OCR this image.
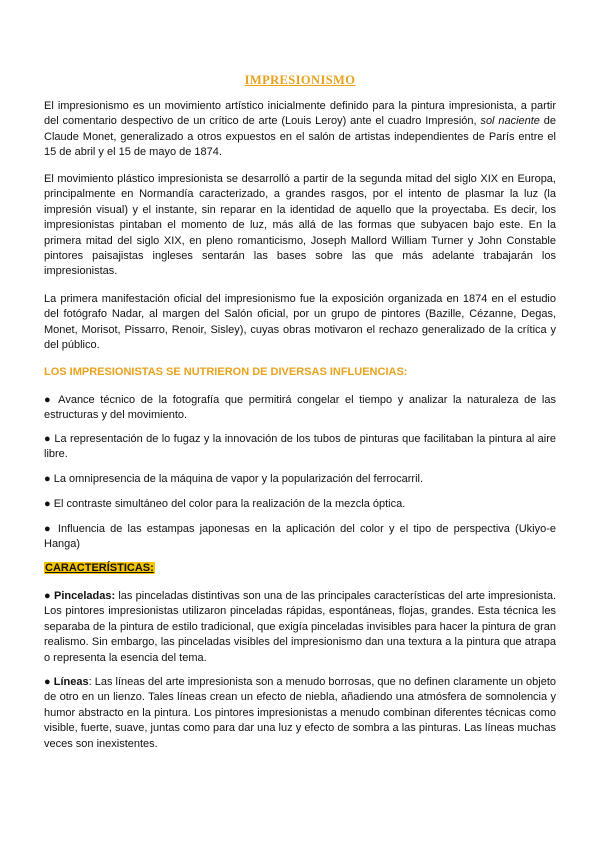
IMPRESIONISMO

El impresionismo es un movimiento artístico inicialmente definido para la pintura impresionista, a partir del comentario despectivo de un crítico de arte (Louis Leroy) ante el cuadro Impresión, sol naciente de Claude Monet, generalizado a otros expuestos en el salón de artistas independientes de París entre el 15 de abril y el 15 de mayo de 1874.

El movimiento plástico impresionista se desarrolló a partir de la segunda mitad del siglo XIX en Europa, principalmente en Normandía caracterizado, a grandes rasgos, por el intento de plasmar la luz (la impresión visual) y el instante, sin reparar en la identidad de aquello que la proyectaba. Es decir, los impresionistas pintaban el momento de luz, más allá de las formas que subyacen bajo este. En la primera mitad del siglo XIX, en pleno romanticismo, Joseph Mallord William Turner y John Constable pintores paisajistas ingleses sentarán las bases sobre las que más adelante trabajarán los impresionistas.

La primera manifestación oficial del impresionismo fue la exposición organizada en 1874 en el estudio del fotógrafo Nadar, al margen del Salón oficial, por un grupo de pintores (Bazille, Cézanne, Degas, Monet, Morisot, Pissarro, Renoir, Sisley), cuyas obras motivaron el rechazo generalizado de la crítica y del público.

LOS IMPRESIONISTAS SE NUTRIERON DE DIVERSAS INFLUENCIAS:

● Avance técnico de la fotografía que permitirá congelar el tiempo y analizar la naturaleza de las estructuras y del movimiento.

● La representación de lo fugaz y la innovación de los tubos de pinturas que facilitaban la pintura al aire libre.

● La omnipresencia de la máquina de vapor y la popularización del ferrocarril.

● El contraste simultáneo del color para la realización de la mezcla óptica.

● Influencia de las estampas japonesas en la aplicación del color y el tipo de perspectiva (Ukiyo-e Hanga)

CARACTERÍSTICAS:

● Pinceladas: las pinceladas distintivas son una de las principales características del arte impresionista. Los pintores impresionistas utilizaron pinceladas rápidas, espontáneas, flojas, grandes. Esta técnica les separaba de la pintura de estilo tradicional, que exigía pinceladas invisibles para hacer la pintura de gran realismo. Sin embargo, las pinceladas visibles del impresionismo dan una textura a la pintura que atrapa o representa la esencia del tema.

● Líneas: Las líneas del arte impresionista son a menudo borrosas, que no definen claramente un objeto de otro en un lienzo. Tales líneas crean un efecto de niebla, añadiendo una atmósfera de somnolencia y humor abstracto en la pintura. Los pintores impresionistas a menudo combinan diferentes técnicas como visible, fuerte, suave, juntas como para dar una luz y efecto de sombra a las pinturas. Las líneas muchas veces son inexistentes.
